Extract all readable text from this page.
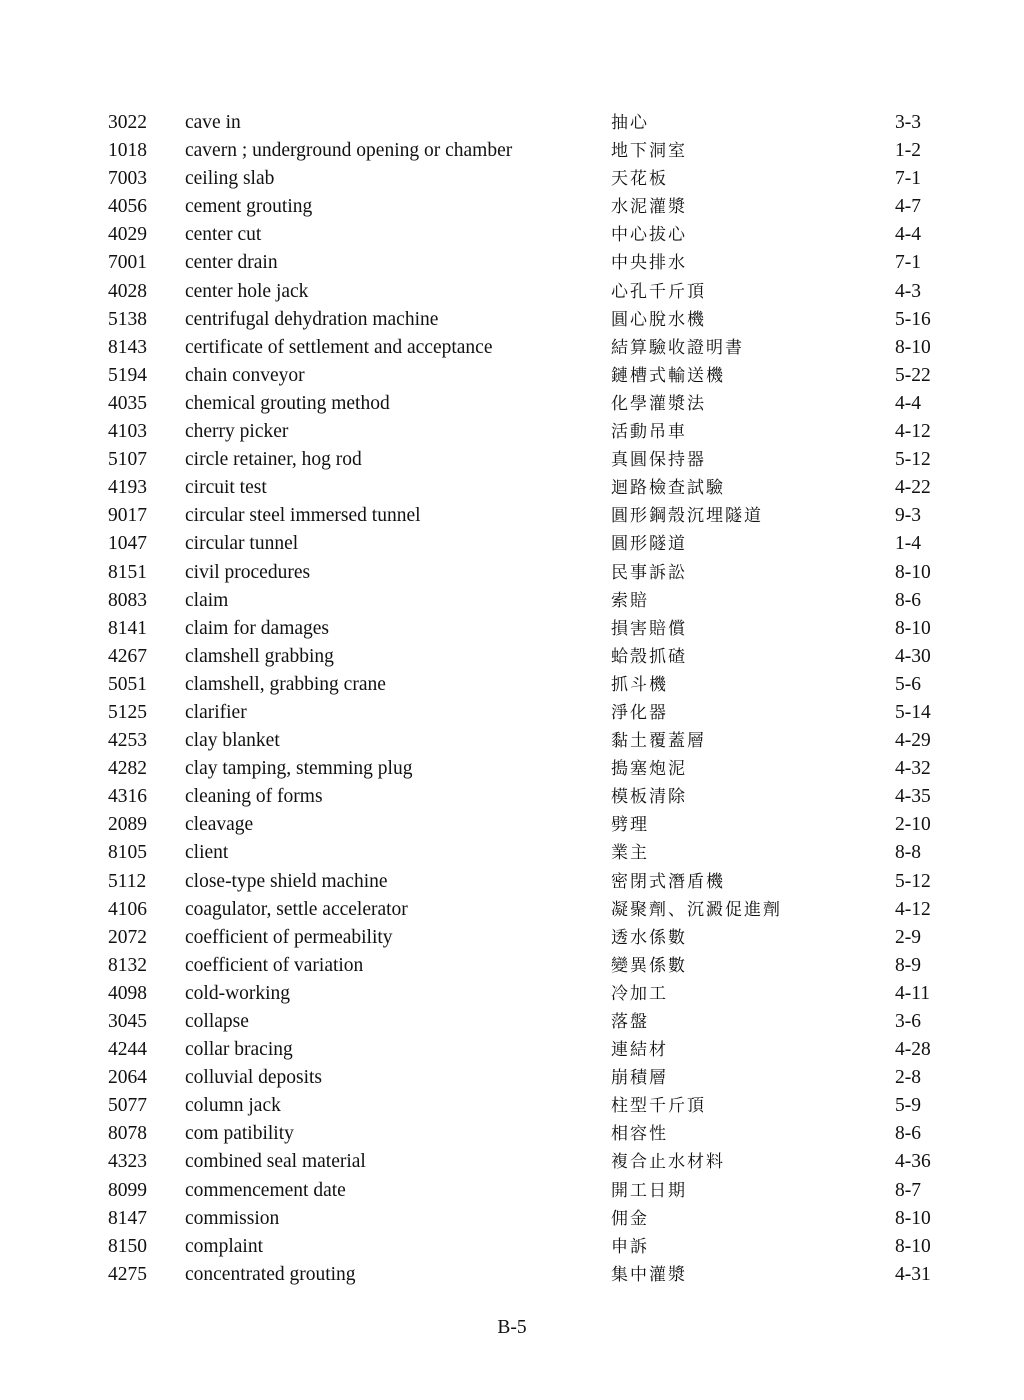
3022	cave in	抽心	3-3
1018	cavern ; underground opening or chamber	地下洞室	1-2
7003	ceiling slab	天花板	7-1
4056	cement grouting	水泥灌漿	4-7
4029	center cut	中心拔心	4-4
7001	center drain	中央排水	7-1
4028	center hole jack	心孔千斤頂	4-3
5138	centrifugal dehydration machine	圓心脫水機	5-16
8143	certificate of settlement and acceptance	結算驗收證明書	8-10
5194	chain conveyor	鏈槽式輸送機	5-22
4035	chemical grouting method	化學灌漿法	4-4
4103	cherry picker	活動吊車	4-12
5107	circle retainer, hog rod	真圓保持器	5-12
4193	circuit test	迴路檢查試驗	4-22
9017	circular steel immersed tunnel	圓形鋼殼沉埋隧道	9-3
1047	circular tunnel	圓形隧道	1-4
8151	civil procedures	民事訴訟	8-10
8083	claim	索賠	8-6
8141	claim for damages	損害賠償	8-10
4267	clamshell grabbing	蛤殼抓碴	4-30
5051	clamshell, grabbing crane	抓斗機	5-6
5125	clarifier	淨化器	5-14
4253	clay blanket	黏土覆蓋層	4-29
4282	clay tamping, stemming plug	搗塞炮泥	4-32
4316	cleaning of forms	模板清除	4-35
2089	cleavage	劈理	2-10
8105	client	業主	8-8
5112	close-type shield machine	密閉式潛盾機	5-12
4106	coagulator, settle accelerator	凝聚劑、沉澱促進劑	4-12
2072	coefficient of permeability	透水係數	2-9
8132	coefficient of variation	變異係數	8-9
4098	cold-working	冷加工	4-11
3045	collapse	落盤	3-6
4244	collar bracing	連結材	4-28
2064	colluvial deposits	崩積層	2-8
5077	column jack	柱型千斤頂	5-9
8078	com patibility	相容性	8-6
4323	combined seal material	複合止水材料	4-36
8099	commencement date	開工日期	8-7
8147	commission	佣金	8-10
8150	complaint	申訴	8-10
4275	concentrated grouting	集中灌漿	4-31
B-5
